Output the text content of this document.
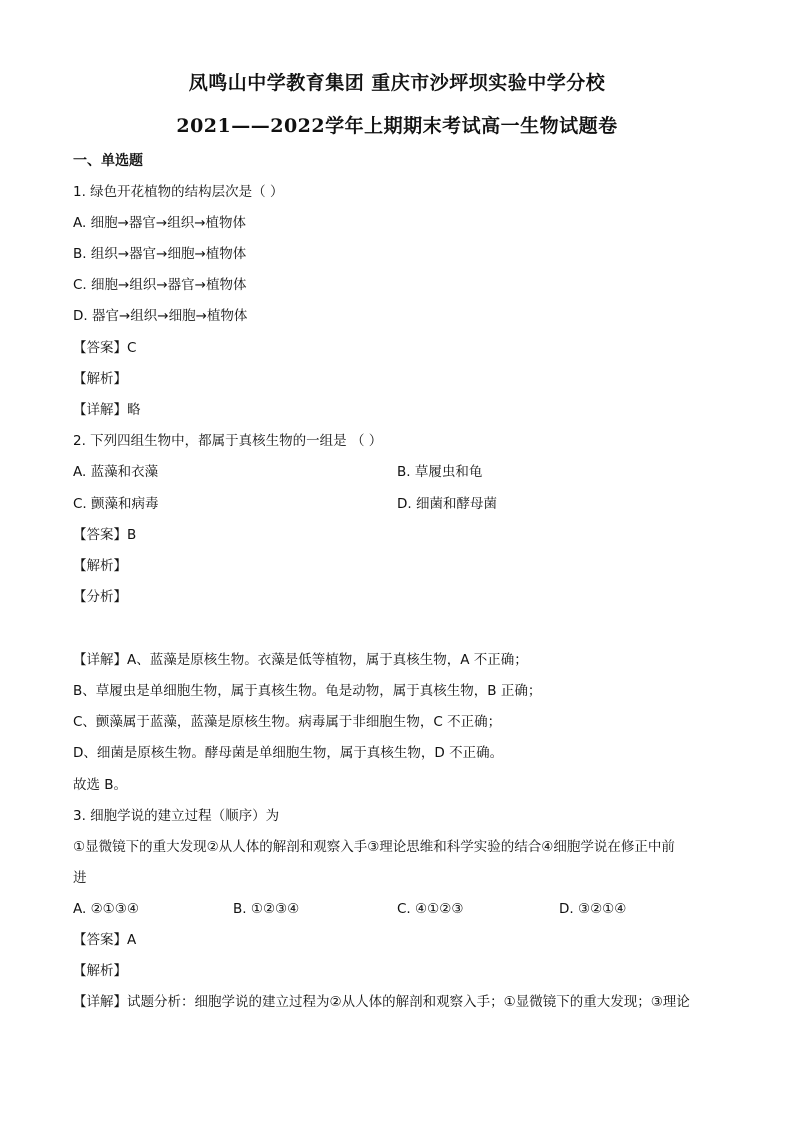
凤鸣山中学教育集团 重庆市沙坪坝实验中学分校
2021——2022学年上期期末考试高一生物试题卷
一、单选题
1. 绿色开花植物的结构层次是（ ）
A. 细胞→器官→组织→植物体
B. 组织→器官→细胞→植物体
C. 细胞→组织→器官→植物体
D. 器官→组织→细胞→植物体
【答案】C
【解析】
【详解】略
2. 下列四组生物中，都属于真核生物的一组是 （ ）
A. 蓝藻和衣藻	B. 草履虫和龟
C. 颤藻和病毒	D. 细菌和酵母菌
【答案】B
【解析】
【分析】
【详解】A、蓝藻是原核生物。衣藻是低等植物，属于真核生物，A 不正确；
B、草履虫是单细胞生物，属于真核生物。龟是动物，属于真核生物，B 正确；
C、颤藻属于蓝藻，蓝藻是原核生物。病毒属于非细胞生物，C 不正确；
D、细菌是原核生物。酵母菌是单细胞生物，属于真核生物，D 不正确。
故选 B。
3. 细胞学说的建立过程（顺序）为
①显微镜下的重大发现②从人体的解剖和观察入手③理论思维和科学实验的结合④细胞学说在修正中前
进
A. ②①③④	B. ①②③④	C. ④①②③	D. ③②①④
【答案】A
【解析】
【详解】试题分析：细胞学说的建立过程为②从人体的解剖和观察入手；①显微镜下的重大发现；③理论
